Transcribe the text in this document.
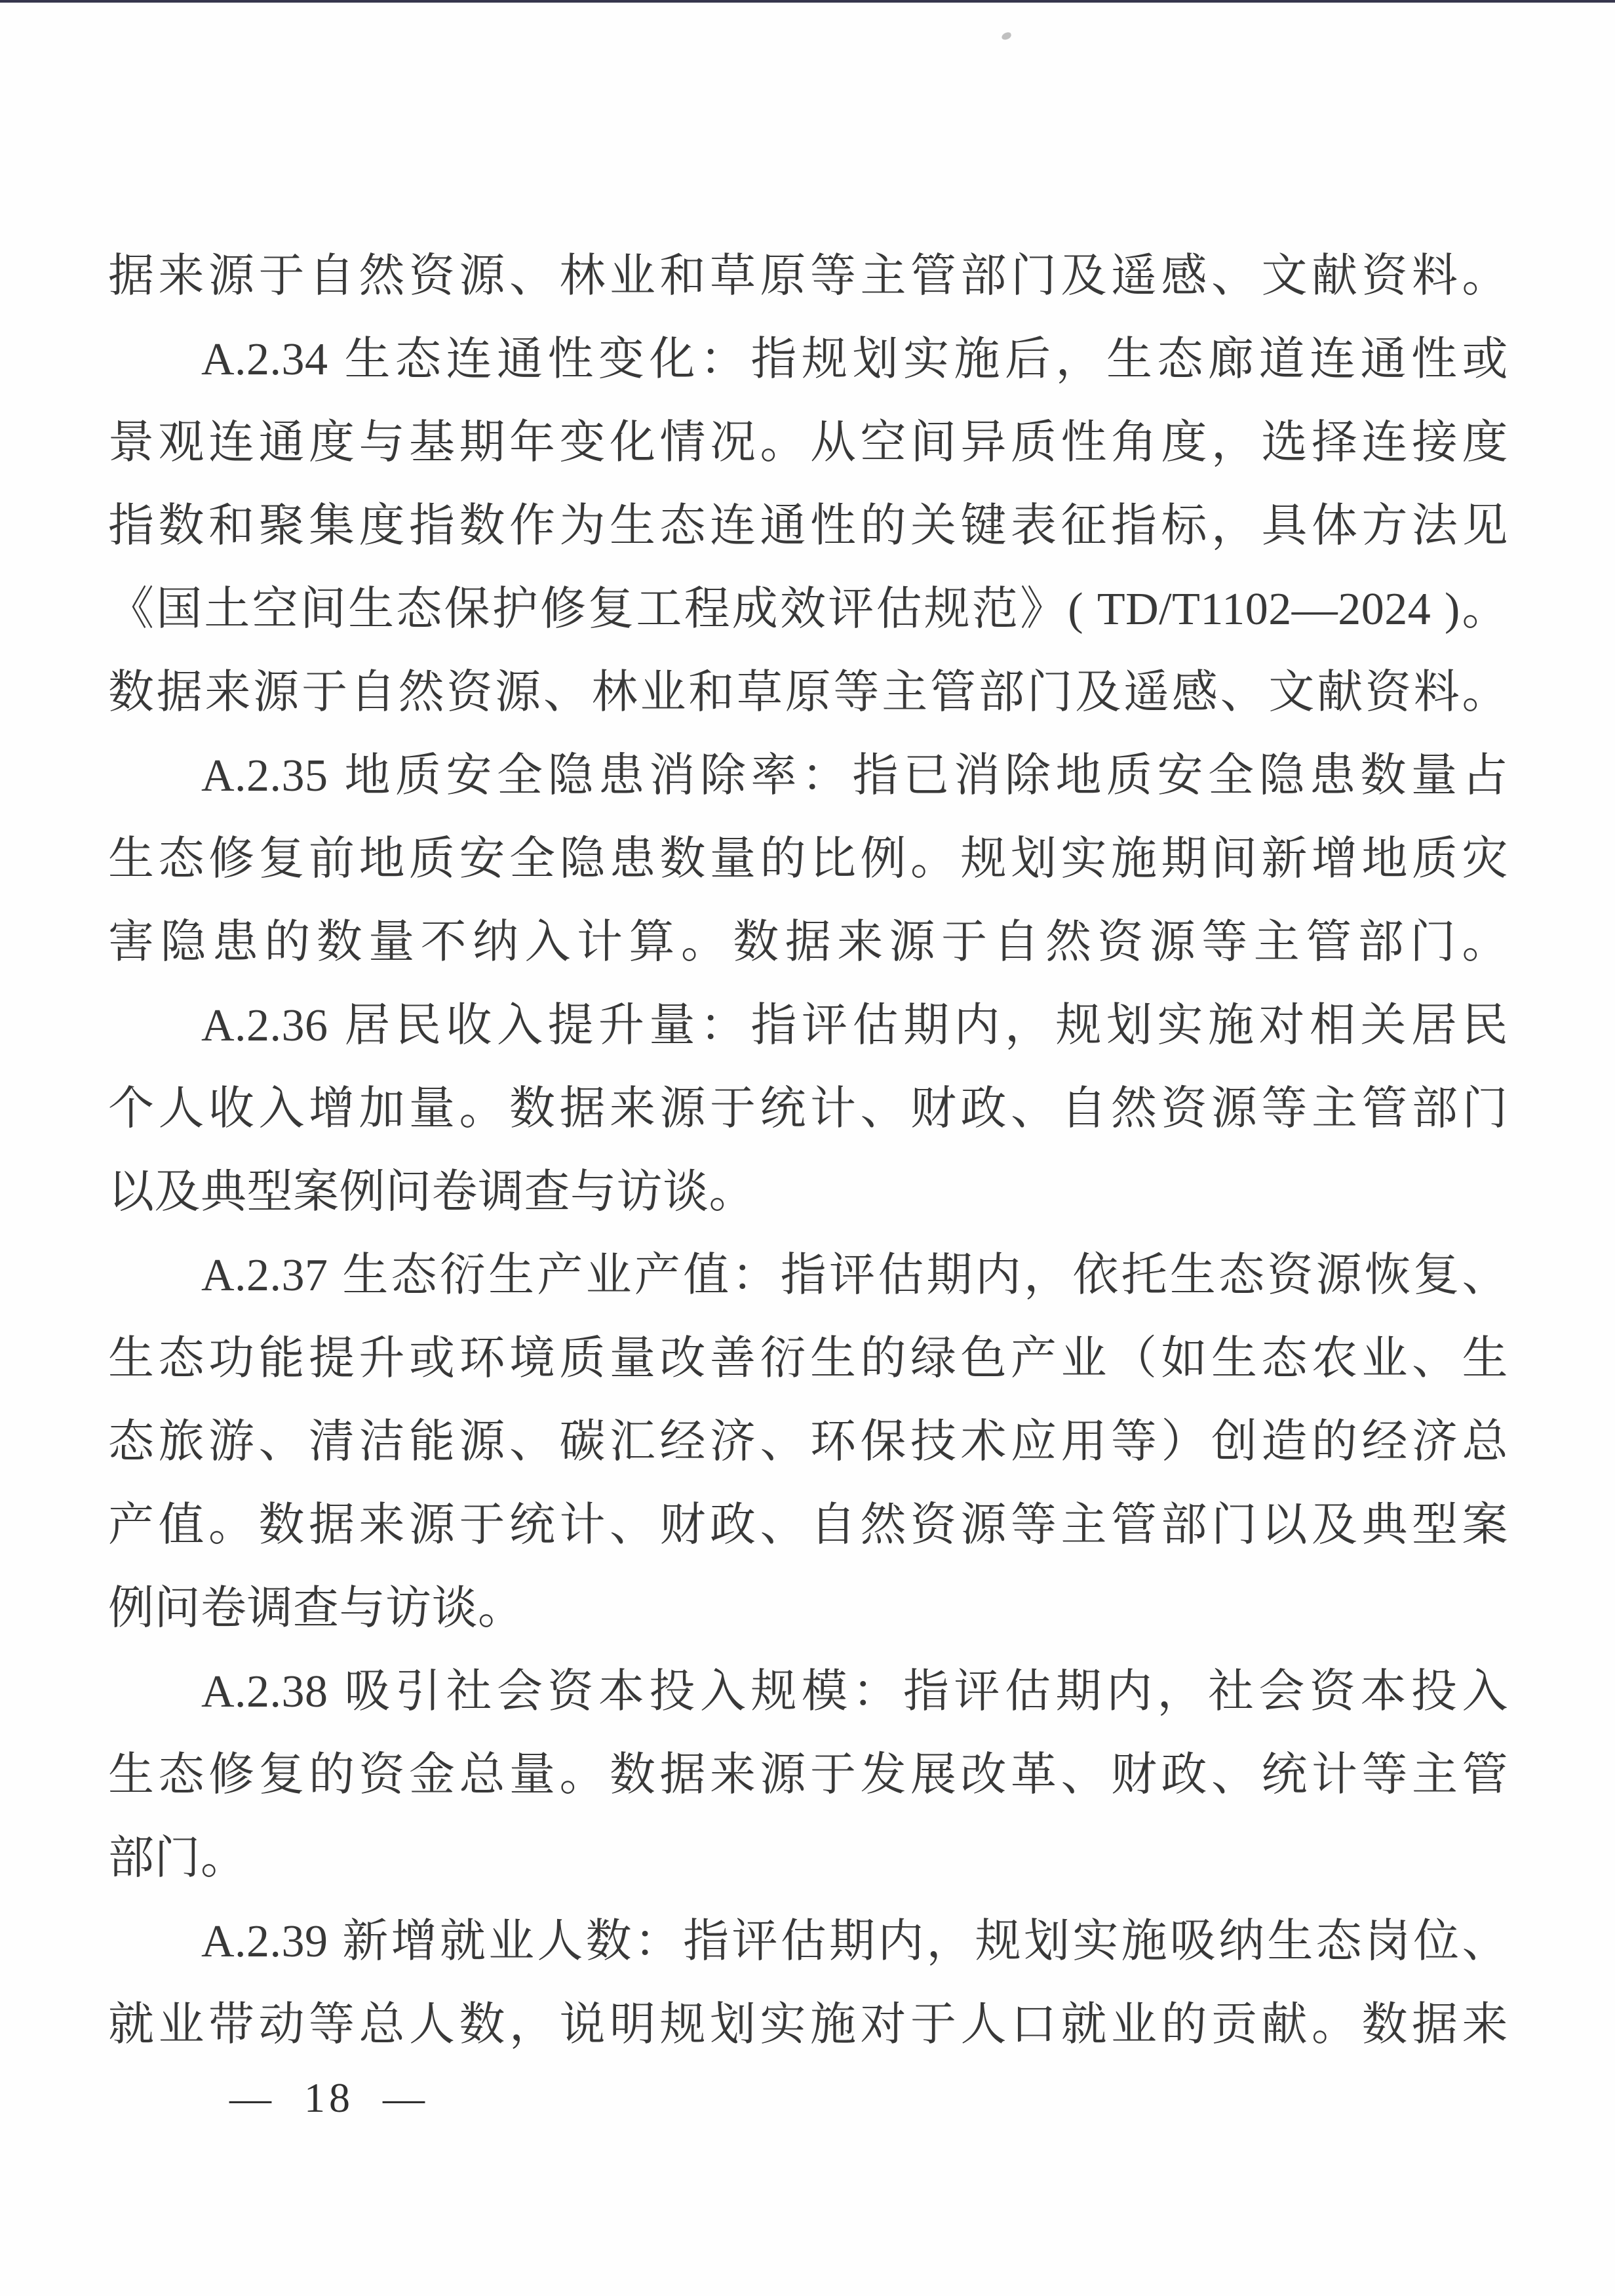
据来源于自然资源、林业和草原等主管部门及遥感、文献资料。
A.2.34 生态连通性变化：指规划实施后，生态廊道连通性或
景观连通度与基期年变化情况。从空间异质性角度，选择连接度
指数和聚集度指数作为生态连通性的关键表征指标，具体方法见
《国土空间生态保护修复工程成效评估规范》( TD/T1102—2024 )。
数据来源于自然资源、林业和草原等主管部门及遥感、文献资料。
A.2.35 地质安全隐患消除率：指已消除地质安全隐患数量占
生态修复前地质安全隐患数量的比例。规划实施期间新增地质灾
害隐患的数量不纳入计算。数据来源于自然资源等主管部门。
A.2.36 居民收入提升量：指评估期内，规划实施对相关居民
个人收入增加量。数据来源于统计、财政、自然资源等主管部门
以及典型案例问卷调查与访谈。
A.2.37 生态衍生产业产值：指评估期内，依托生态资源恢复、
生态功能提升或环境质量改善衍生的绿色产业（如生态农业、生
态旅游、清洁能源、碳汇经济、环保技术应用等）创造的经济总
产值。数据来源于统计、财政、自然资源等主管部门以及典型案
例问卷调查与访谈。
A.2.38 吸引社会资本投入规模：指评估期内，社会资本投入
生态修复的资金总量。数据来源于发展改革、财政、统计等主管
部门。
A.2.39 新增就业人数：指评估期内，规划实施吸纳生态岗位、
就业带动等总人数，说明规划实施对于人口就业的贡献。数据来
— 18 —
